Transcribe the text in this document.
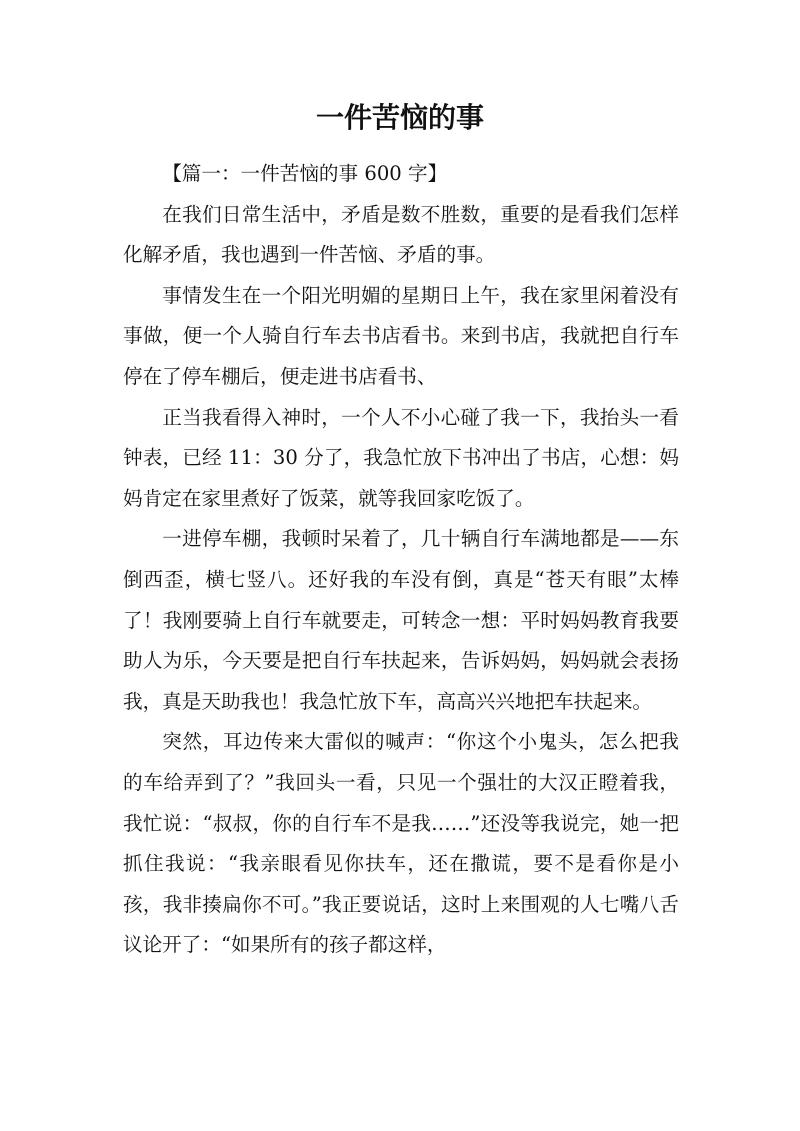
一件苦恼的事

【篇一：一件苦恼的事 600 字】

在我们日常生活中，矛盾是数不胜数，重要的是看我们怎样化解矛盾，我也遇到一件苦恼、矛盾的事。

事情发生在一个阳光明媚的星期日上午，我在家里闲着没有事做，便一个人骑自行车去书店看书。来到书店，我就把自行车停在了停车棚后，便走进书店看书、

正当我看得入神时，一个人不小心碰了我一下，我抬头一看钟表，已经 11：30 分了，我急忙放下书冲出了书店，心想：妈妈肯定在家里煮好了饭菜，就等我回家吃饭了。

一进停车棚，我顿时呆着了，几十辆自行车满地都是——东倒西歪，横七竖八。还好我的车没有倒，真是“苍天有眼”太棒了！我刚要骑上自行车就要走，可转念一想：平时妈妈教育我要助人为乐，今天要是把自行车扶起来，告诉妈妈，妈妈就会表扬我，真是天助我也！我急忙放下车，高高兴兴地把车扶起来。

突然，耳边传来大雷似的喊声：“你这个小鬼头，怎么把我的车给弄到了？”我回头一看，只见一个强壮的大汉正瞪着我，我忙说：“叔叔，你的自行车不是我……”还没等我说完，她一把抓住我说：“我亲眼看见你扶车，还在撒谎，要不是看你是小孩，我非揍扁你不可。”我正要说话，这时上来围观的人七嘴八舌议论开了：“如果所有的孩子都这样，
